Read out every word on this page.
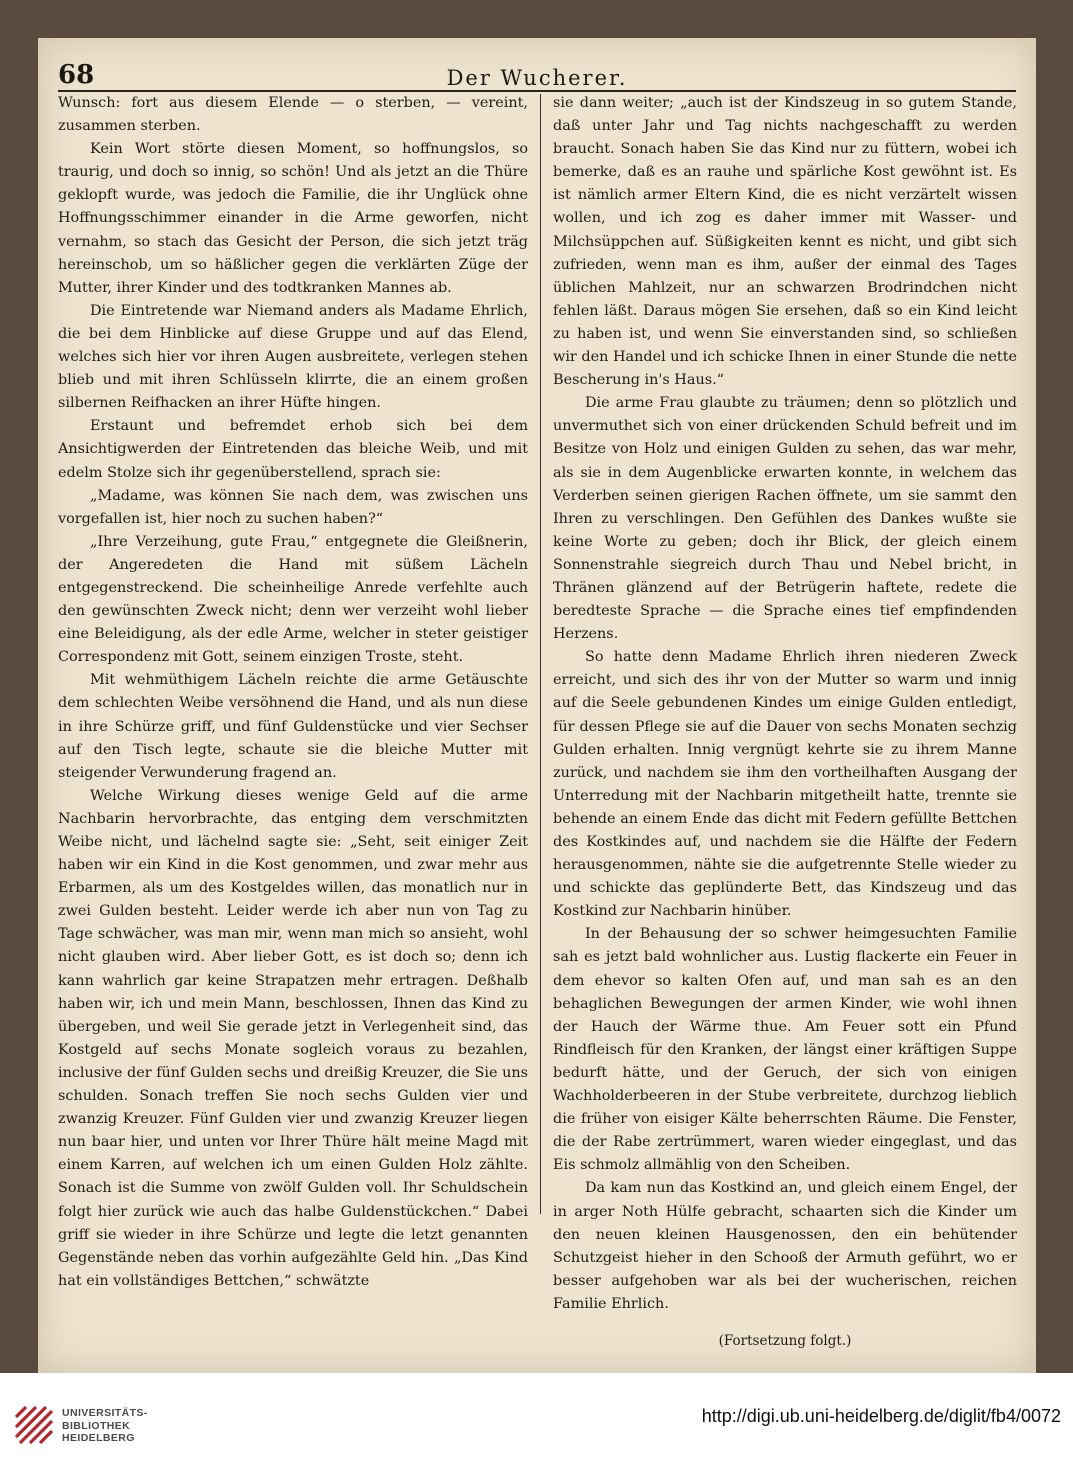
68	Der Wucherer.

Wunsch: fort aus diesem Elende — o sterben, — vereint, zusammen sterben.

Kein Wort störte diesen Moment, so hoffnungslos, so traurig, und doch so innig, so schön! Und als jetzt an die Thüre geklopft wurde, was jedoch die Familie, die ihr Unglück ohne Hoffnungsschimmer einander in die Arme geworfen, nicht vernahm, so stach das Gesicht der Person, die sich jetzt träg hereinschob, um so häßlicher gegen die verklärten Züge der Mutter, ihrer Kinder und des todtkranken Mannes ab.

Die Eintretende war Niemand anders als Madame Ehrlich, die bei dem Hinblicke auf diese Gruppe und auf das Elend, welches sich hier vor ihren Augen ausbreitete, verlegen stehen blieb und mit ihren Schlüsseln klirrte, die an einem großen silbernen Reifhacken an ihrer Hüfte hingen.

Erstaunt und befremdet erhob sich bei dem Ansichtigwerden der Eintretenden das bleiche Weib, und mit edelm Stolze sich ihr gegenüberstellend, sprach sie:

„Madame, was können Sie nach dem, was zwischen uns vorgefallen ist, hier noch zu suchen haben?“

„Ihre Verzeihung, gute Frau,“ entgegnete die Gleißnerin, der Angeredeten die Hand mit süßem Lächeln entgegenstreckend. Die scheinheilige Anrede verfehlte auch den gewünschten Zweck nicht; denn wer verzeiht wohl lieber eine Beleidigung, als der edle Arme, welcher in steter geistiger Correspondenz mit Gott, seinem einzigen Troste, steht.

Mit wehmüthigem Lächeln reichte die arme Getäuschte dem schlechten Weibe versöhnend die Hand, und als nun diese in ihre Schürze griff, und fünf Guldenstücke und vier Sechser auf den Tisch legte, schaute sie die bleiche Mutter mit steigender Verwunderung fragend an.

Welche Wirkung dieses wenige Geld auf die arme Nachbarin hervorbrachte, das entging dem verschmitzten Weibe nicht, und lächelnd sagte sie: „Seht, seit einiger Zeit haben wir ein Kind in die Kost genommen, und zwar mehr aus Erbarmen, als um des Kostgeldes willen, das monatlich nur in zwei Gulden besteht. Leider werde ich aber nun von Tag zu Tage schwächer, was man mir, wenn man mich so ansieht, wohl nicht glauben wird. Aber lieber Gott, es ist doch so; denn ich kann wahrlich gar keine Strapatzen mehr ertragen. Deßhalb haben wir, ich und mein Mann, beschlossen, Ihnen das Kind zu übergeben, und weil Sie gerade jetzt in Verlegenheit sind, das Kostgeld auf sechs Monate sogleich voraus zu bezahlen, inclusive der fünf Gulden sechs und dreißig Kreuzer, die Sie uns schulden. Sonach treffen Sie noch sechs Gulden vier und zwanzig Kreuzer. Fünf Gulden vier und zwanzig Kreuzer liegen nun baar hier, und unten vor Ihrer Thüre hält meine Magd mit einem Karren, auf welchen ich um einen Gulden Holz zählte. Sonach ist die Summe von zwölf Gulden voll. Ihr Schuldschein folgt hier zurück wie auch das halbe Guldenstückchen.“ Dabei griff sie wieder in ihre Schürze und legte die letzt genannten Gegenstände neben das vorhin aufgezählte Geld hin. „Das Kind hat ein vollständiges Bettchen,“ schwätzte

sie dann weiter; „auch ist der Kindszeug in so gutem Stande, daß unter Jahr und Tag nichts nachgeschafft zu werden braucht. Sonach haben Sie das Kind nur zu füttern, wobei ich bemerke, daß es an rauhe und spärliche Kost gewöhnt ist. Es ist nämlich armer Eltern Kind, die es nicht verzärtelt wissen wollen, und ich zog es daher immer mit Wasser- und Milchsüppchen auf. Süßigkeiten kennt es nicht, und gibt sich zufrieden, wenn man es ihm, außer der einmal des Tages üblichen Mahlzeit, nur an schwarzen Brodrindchen nicht fehlen läßt. Daraus mögen Sie ersehen, daß so ein Kind leicht zu haben ist, und wenn Sie einverstanden sind, so schließen wir den Handel und ich schicke Ihnen in einer Stunde die nette Bescherung in's Haus.“

Die arme Frau glaubte zu träumen; denn so plötzlich und unvermuthet sich von einer drückenden Schuld befreit und im Besitze von Holz und einigen Gulden zu sehen, das war mehr, als sie in dem Augenblicke erwarten konnte, in welchem das Verderben seinen gierigen Rachen öffnete, um sie sammt den Ihren zu verschlingen. Den Gefühlen des Dankes wußte sie keine Worte zu geben; doch ihr Blick, der gleich einem Sonnenstrahle siegreich durch Thau und Nebel bricht, in Thränen glänzend auf der Betrügerin haftete, redete die beredteste Sprache — die Sprache eines tief empfindenden Herzens.

So hatte denn Madame Ehrlich ihren niederen Zweck erreicht, und sich des ihr von der Mutter so warm und innig auf die Seele gebundenen Kindes um einige Gulden entledigt, für dessen Pflege sie auf die Dauer von sechs Monaten sechzig Gulden erhalten. Innig vergnügt kehrte sie zu ihrem Manne zurück, und nachdem sie ihm den vortheilhaften Ausgang der Unterredung mit der Nachbarin mitgetheilt hatte, trennte sie behende an einem Ende das dicht mit Federn gefüllte Bettchen des Kostkindes auf, und nachdem sie die Hälfte der Federn herausgenommen, nähte sie die aufgetrennte Stelle wieder zu und schickte das geplünderte Bett, das Kindszeug und das Kostkind zur Nachbarin hinüber.

In der Behausung der so schwer heimgesuchten Familie sah es jetzt bald wohnlicher aus. Lustig flackerte ein Feuer in dem ehevor so kalten Ofen auf, und man sah es an den behaglichen Bewegungen der armen Kinder, wie wohl ihnen der Hauch der Wärme thue. Am Feuer sott ein Pfund Rindfleisch für den Kranken, der längst einer kräftigen Suppe bedurft hätte, und der Geruch, der sich von einigen Wachholderbeeren in der Stube verbreitete, durchzog lieblich die früher von eisiger Kälte beherrschten Räume. Die Fenster, die der Rabe zertrümmert, waren wieder eingeglast, und das Eis schmolz allmählig von den Scheiben.

Da kam nun das Kostkind an, und gleich einem Engel, der in arger Noth Hülfe gebracht, schaarten sich die Kinder um den neuen kleinen Hausgenossen, den ein behütender Schutzgeist hieher in den Schooß der Armuth geführt, wo er besser aufgehoben war als bei der wucherischen, reichen Familie Ehrlich.

(Fortsetzung folgt.)

UNIVERSITÄTS-
BIBLIOTHEK
HEIDELBERG
http://digi.ub.uni-heidelberg.de/diglit/fb4/0072
